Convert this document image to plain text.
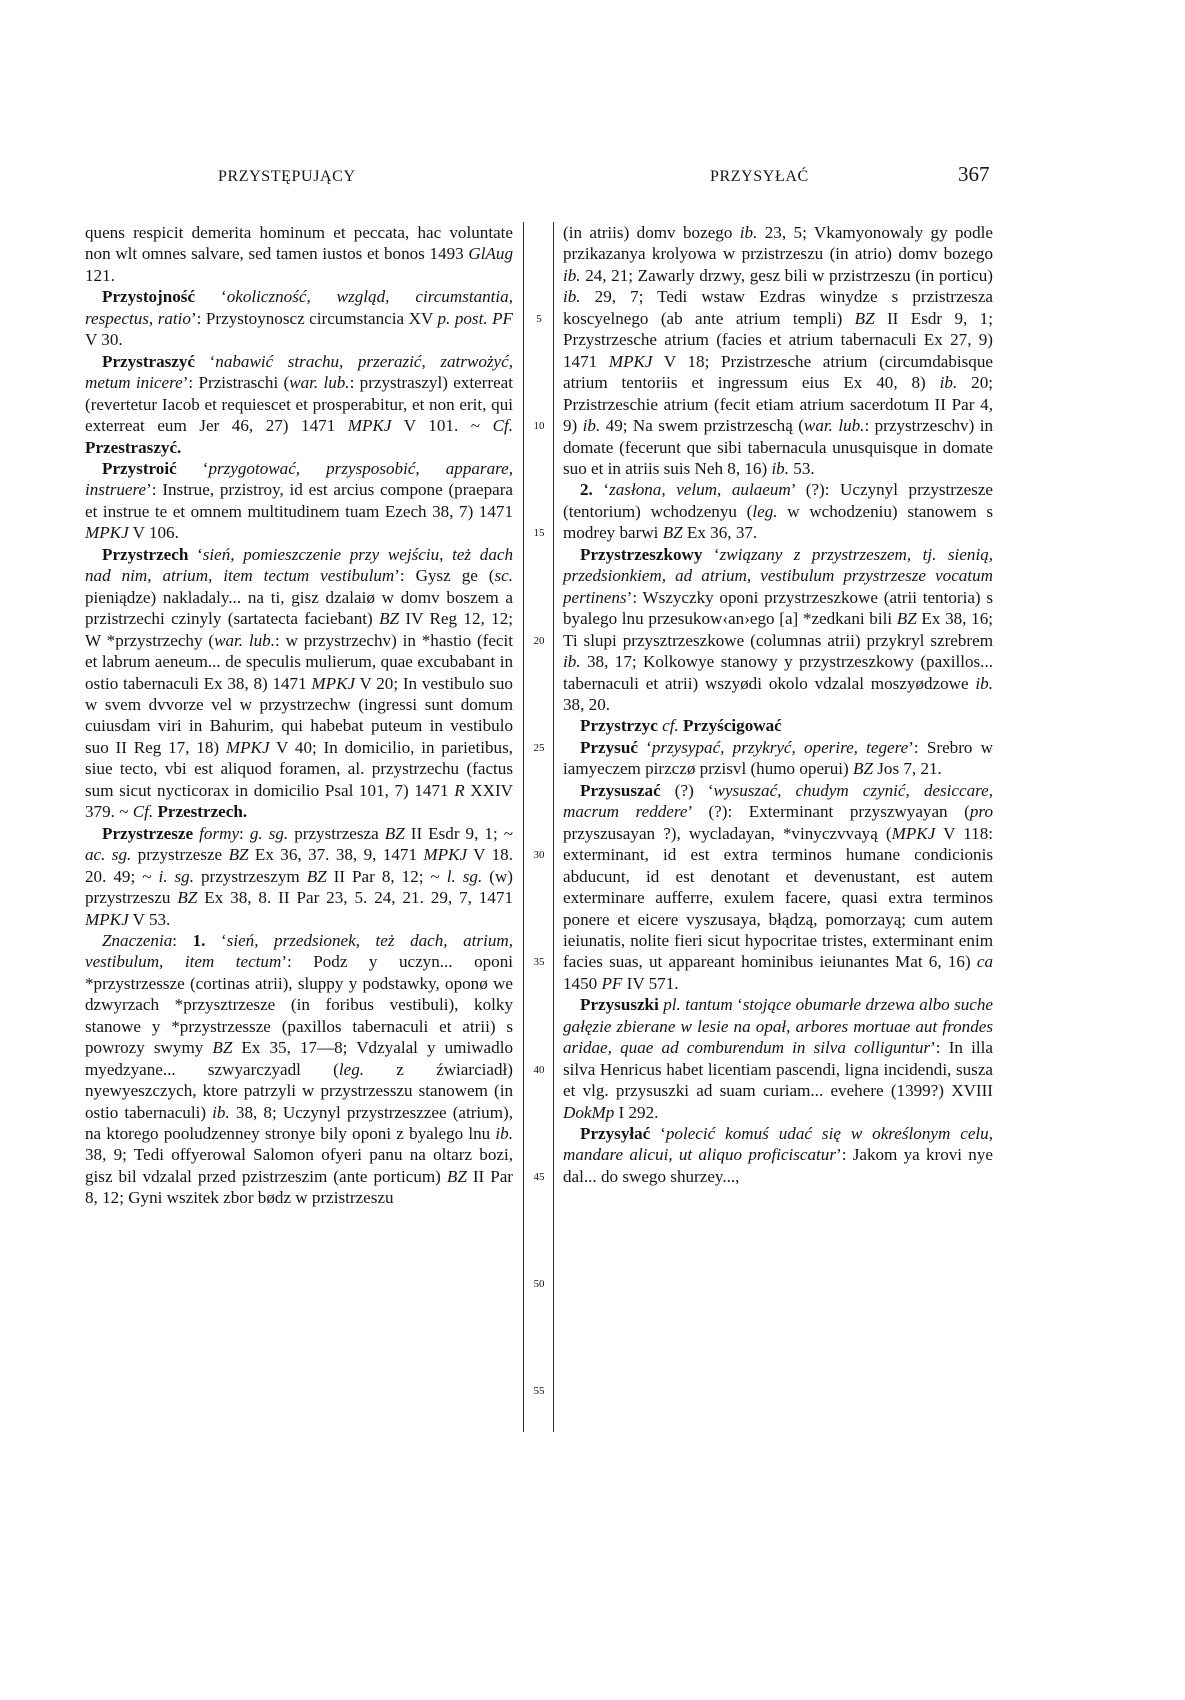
PRZYSTĘPUJĄCY	PRZYSYŁAĆ	367

quens respicit demerita hominum et peccata, hac voluntate non wlt omnes salvare, sed tamen iustos et bonos 1493 GlAug 121.

Przystojność ‘okoliczność, wzgląd, circumstantia, respectus, ratio’: Przystoynoscz circumstancia XV p. post. PF V 30.

Przystraszyć ‘nabawić strachu, przerazić, zatrwożyć, metum inicere’: Przistraschi (war. lub.: przystraszyl) exterreat (revertetur Iacob et requiescet et prosperabitur, et non erit, qui exterreat eum Jer 46, 27) 1471 MPKJ V 101. ~ Cf. Przestraszyć.

Przystroić ‘przygotować, przysposobić, apparare, instruere’: Instrue, przistroy, id est arcius compone (praepara et instrue te et omnem multitudinem tuam Ezech 38, 7) 1471 MPKJ V 106.

Przystrzech ‘sień, pomieszczenie przy wejściu, też dach nad nim, atrium, item tectum vestibulum’: Gysz ge (sc. pieniądze) nakladaly... na ti, gisz dzalaiø w domv boszem a przistrzechi czinyly (sartatecta faciebant) BZ IV Reg 12, 12; W *przystrzechy (war. lub.: w przystrzechv) in *hastio (fecit et labrum aeneum... de speculis mulierum, quae excubabant in ostio tabernaculi Ex 38, 8) 1471 MPKJ V 20; In vestibulo suo w svem dvvorze vel w przystrzechw (ingressi sunt domum cuiusdam viri in Bahurim, qui habebat puteum in vestibulo suo II Reg 17, 18) MPKJ V 40; In domicilio, in parietibus, siue tecto, vbi est aliquod foramen, al. przystrzechu (factus sum sicut nycticorax in domicilio Psal 101, 7) 1471 R XXIV 379. ~ Cf. Przestrzech.

Przystrzesze formy: g. sg. przystrzesza BZ II Esdr 9, 1; ~ ac. sg. przystrzesze BZ Ex 36, 37. 38, 9, 1471 MPKJ V 18. 20. 49; ~ i. sg. przystrzeszym BZ II Par 8, 12; ~ l. sg. (w) przystrzeszu BZ Ex 38, 8. II Par 23, 5. 24, 21. 29, 7, 1471 MPKJ V 53.

Znaczenia: 1. ‘sień, przedsionek, też dach, atrium, vestibulum, item tectum’: Podz y uczyn... oponi *przystrzessze (cortinas atrii), sluppy y podstawky, oponø we dzwyrzach *przysztrzesze (in foribus vestibuli), kolky stanowe y *przystrzessze (paxillos tabernaculi et atrii) s powrozy swymy BZ Ex 35, 17—8; Vdzyalal y umiwadlo myedzyane... szwyarczyadl (leg. z źwiarciadł) nyewyeszczych, ktore patrzyli w przystrzesszu stanowem (in ostio tabernaculi) ib. 38, 8; Uczynyl przystrzeszzee (atrium), na ktorego pooludzenney stronye bily oponi z byalego lnu ib. 38, 9; Tedi offyerowal Salomon ofyeri panu na oltarz bozi, gisz bil vdzalal przed pzistrzeszim (ante porticum) BZ II Par 8, 12; Gyni wszitek zbor bødz w przistrzeszu

5
10
15
20
25
30
35
40
45
50
55

(in atriis) domv bozego ib. 23, 5; Vkamyonowaly gy podle przikazanya krolyowa w przistrzeszu (in atrio) domv bozego ib. 24, 21; Zawarly drzwy, gesz bili w przistrzeszu (in porticu) ib. 29, 7; Tedi wstaw Ezdras winydze s przistrzesza koscyelnego (ab ante atrium templi) BZ II Esdr 9, 1; Przystrzesche atrium (facies et atrium tabernaculi Ex 27, 9) 1471 MPKJ V 18; Przistrzesche atrium (circumdabisque atrium tentoriis et ingressum eius Ex 40, 8) ib. 20; Przistrzeschie atrium (fecit etiam atrium sacerdotum II Par 4, 9) ib. 49; Na swem przistrzeschą (war. lub.: przystrzeschv) in domate (fecerunt que sibi tabernacula unusquisque in domate suo et in atriis suis Neh 8, 16) ib. 53.

2. ‘zasłona, velum, aulaeum’ (?): Uczynyl przystrzesze (tentorium) wchodzenyu (leg. w wchodzeniu) stanowem s modrey barwi BZ Ex 36, 37.

Przystrzeszkowy ‘związany z przystrzeszem, tj. sienią, przedsionkiem, ad atrium, vestibulum przystrzesze vocatum pertinens’: Wszyczky oponi przystrzeszkowe (atrii tentoria) s byalego lnu przesukow‹an›ego [a] *zedkani bili BZ Ex 38, 16; Ti slupi przysztrzeszkowe (columnas atrii) przykryl szrebrem ib. 38, 17; Kolkowye stanowy y przystrzeszkowy (paxillos... tabernaculi et atrii) wszyødi okolo vdzalal moszyødzowe ib. 38, 20.

Przystrzyc cf. Przyścigować

Przysuć ‘przysypać, przykryć, operire, tegere’: Srebro w iamyeczem pirzczø przisvl (humo operui) BZ Jos 7, 21.

Przysuszać (?) ‘wysuszać, chudym czynić, desiccare, macrum reddere’ (?): Exterminant przyszwyayan (pro przyszusayan ?), wycladayan, *vinyczvvayą (MPKJ V 118: exterminant, id est extra terminos humane condicionis abducunt, id est denotant et devenustant, est autem exterminare aufferre, exulem facere, quasi extra terminos ponere et eicere vyszusaya, błądzą, pomorzayą; cum autem ieiunatis, nolite fieri sicut hypocritae tristes, exterminant enim facies suas, ut appareant hominibus ieiunantes Mat 6, 16) ca 1450 PF IV 571.

Przysuszki pl. tantum ‘stojące obumarłe drzewa albo suche gałęzie zbierane w lesie na opał, arbores mortuae aut frondes aridae, quae ad comburendum in silva colliguntur’: In illa silva Henricus habet licentiam pascendi, ligna incidendi, susza et vlg. przysuszki ad suam curiam... evehere (1399?) XVIII DokMp I 292.

Przysyłać ‘polecić komuś udać się w określonym celu, mandare alicui, ut aliquo proficiscatur’: Jakom ya krovi nye dal... do swego shurzey...,
